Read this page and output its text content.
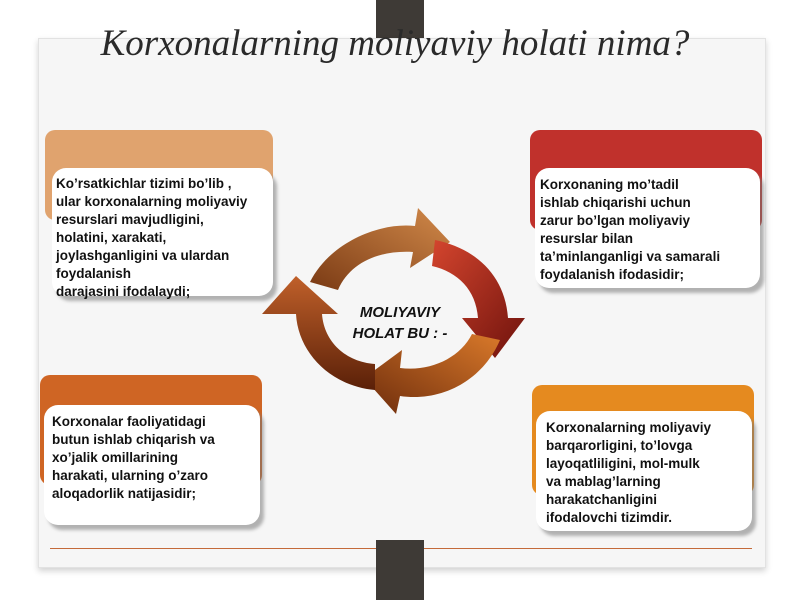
Korxonalarning moliyaviy holati nima?
MOLIYAVIY
HOLAT BU : -
Ko’rsatkichlar tizimi bo’lib ,
ular korxonalarning moliyaviy
resurslari mavjudligini,
holatini, xarakati,
joylashganligini va ulardan
foydalanish
darajasini ifodalaydi;
Korxonaning mo’tadil
ishlab chiqarishi uchun
zarur bo’lgan moliyaviy
resurslar bilan
ta’minlanganligi va samarali
foydalanish ifodasidir;
Korxonalar faoliyatidagi
butun ishlab chiqarish va
xo’jalik omillarining
harakati, ularning o’zaro
aloqadorlik natijasidir;
Korxonalarning moliyaviy
barqarorligini, to’lovga
layoqatliligini, mol-mulk
va mablag’larning
harakatchanligini
ifodalovchi tizimdir.
